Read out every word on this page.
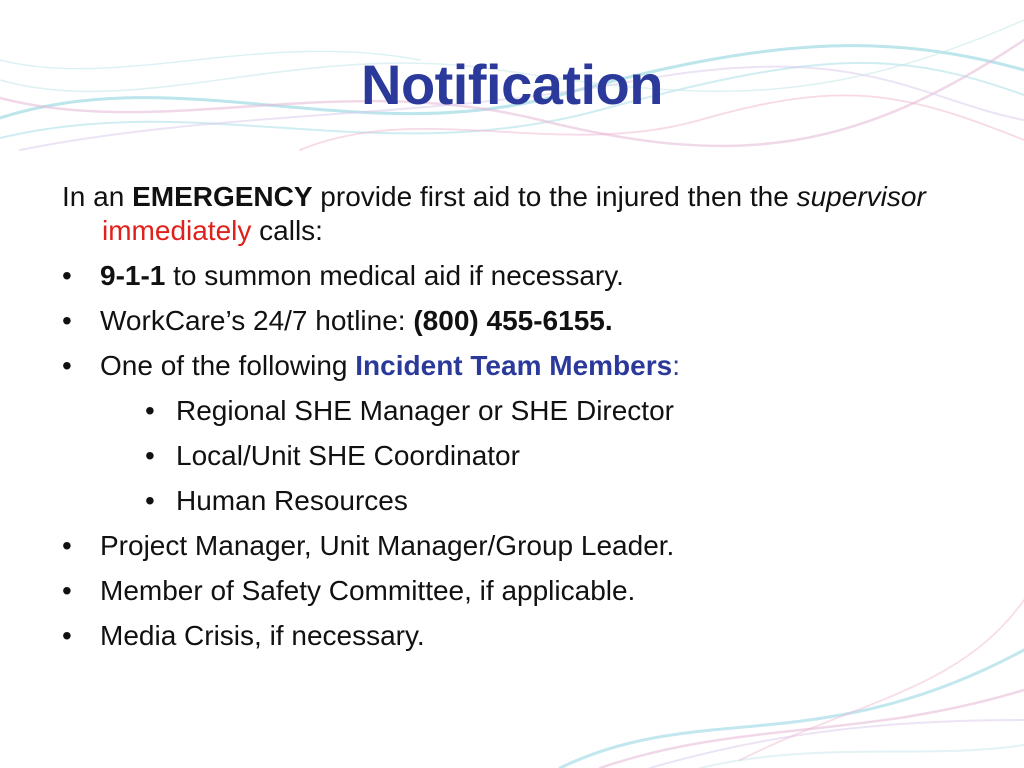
Notification

In an EMERGENCY provide first aid to the injured then the supervisor immediately calls:

• 9-1-1 to summon medical aid if necessary.
• WorkCare’s 24/7 hotline: (800) 455-6155.
• One of the following Incident Team Members:
• Regional SHE Manager or SHE Director
• Local/Unit SHE Coordinator
• Human Resources
• Project Manager, Unit Manager/Group Leader.
• Member of Safety Committee, if applicable.
• Media Crisis, if necessary.
